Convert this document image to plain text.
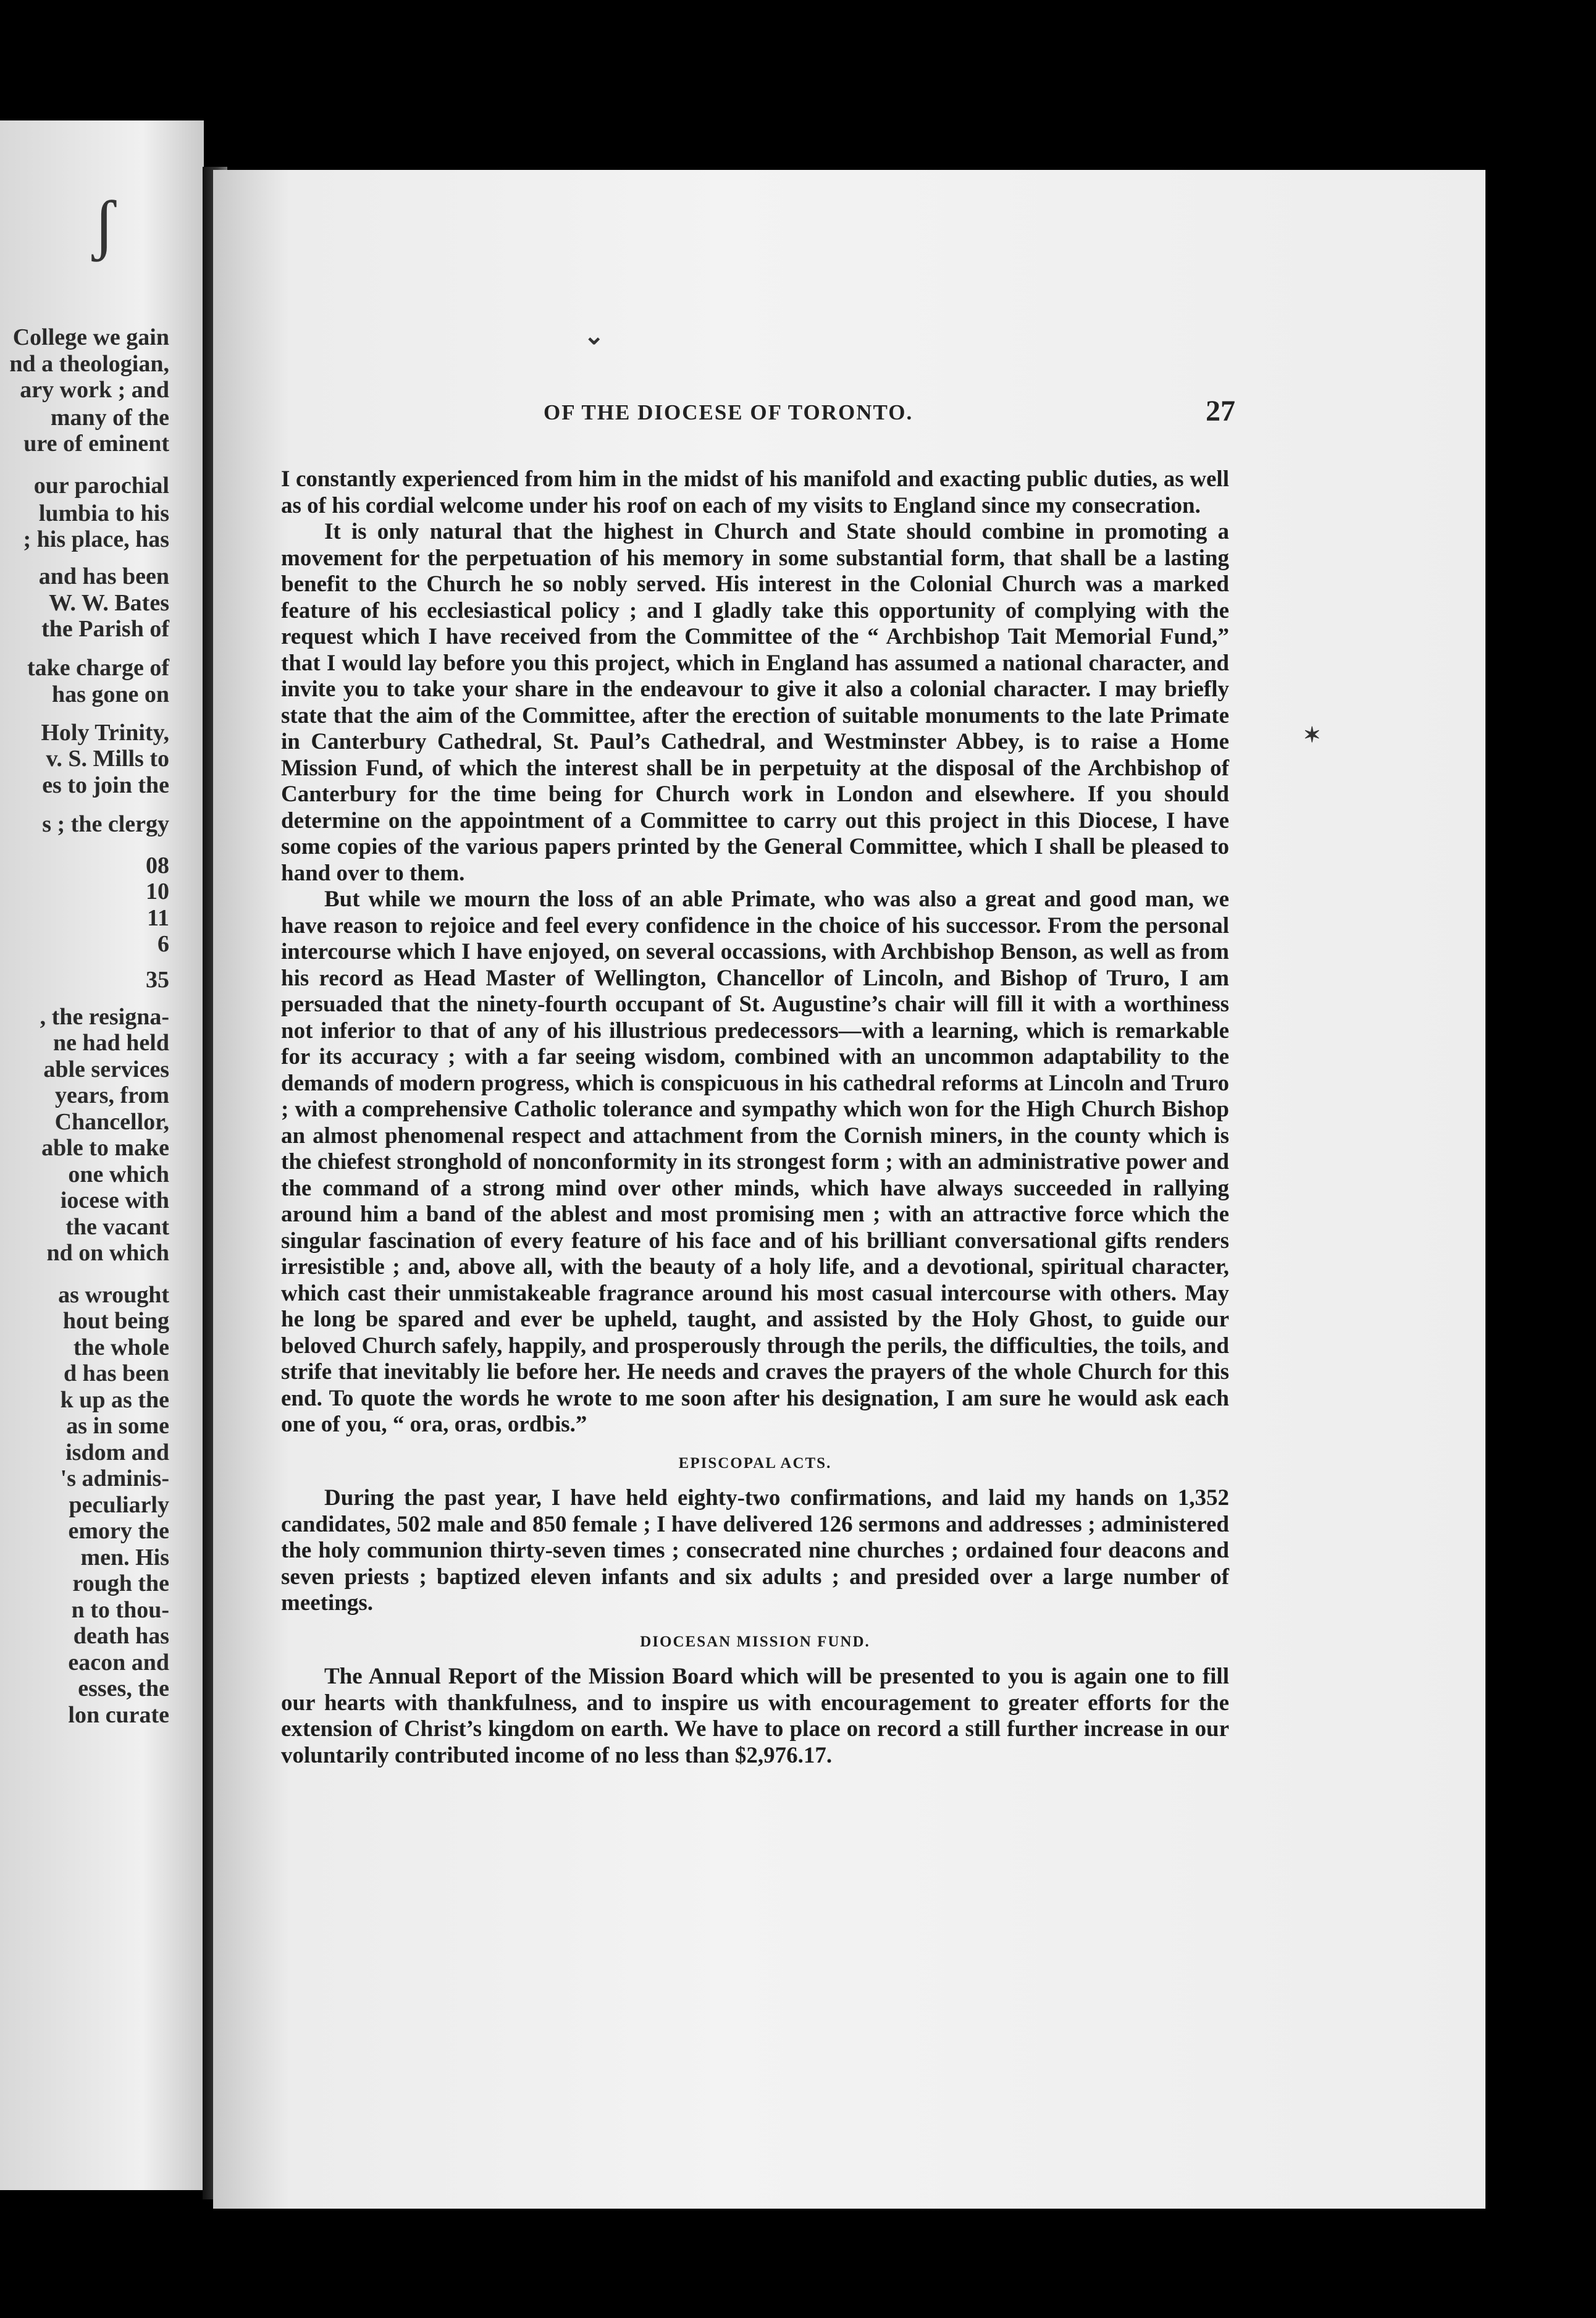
College we gain
nd a theologian,
ary work ; and
many of the
ure of eminent
our parochial
lumbia to his
; his place, has
and has been
W. W. Bates
the Parish of
take charge of
has gone on
Holy Trinity,
v. S. Mills to
es to join the
s ; the clergy
08
10
11
6
35
, the resigna-
ne had held
able services
years, from
Chancellor,
able to make
one which
iocese with
the vacant
nd on which
as wrought
hout being
the whole
d has been
k up as the
as in some
isdom and
's adminis-
peculiarly
emory the
men. His
rough the
n to thou-
death has
eacon and
esses, the
lon curate
OF THE DIOCESE OF TORONTO.	27

I constantly experienced from him in the midst of his manifold and exacting public duties, as well as of his cordial welcome under his roof on each of my visits to England since my consecration.

It is only natural that the highest in Church and State should combine in promoting a movement for the perpetuation of his memory in some substantial form, that shall be a lasting benefit to the Church he so nobly served. His interest in the Colonial Church was a marked feature of his ecclesiastical policy ; and I gladly take this opportunity of complying with the request which I have received from the Committee of the “ Archbishop Tait Memorial Fund,” that I would lay before you this project, which in England has assumed a national character, and invite you to take your share in the endeavour to give it also a colonial character. I may briefly state that the aim of the Committee, after the erection of suitable monuments to the late Primate in Canterbury Cathedral, St. Paul’s Cathedral, and Westminster Abbey, is to raise a Home Mission Fund, of which the interest shall be in perpetuity at the disposal of the Archbishop of Canterbury for the time being for Church work in London and elsewhere. If you should determine on the appointment of a Committee to carry out this project in this Diocese, I have some copies of the various papers printed by the General Committee, which I shall be pleased to hand over to them.

But while we mourn the loss of an able Primate, who was also a great and good man, we have reason to rejoice and feel every confidence in the choice of his successor. From the personal intercourse which I have enjoyed, on several occassions, with Archbishop Benson, as well as from his record as Head Master of Wellington, Chancellor of Lincoln, and Bishop of Truro, I am persuaded that the ninety-fourth occupant of St. Augustine’s chair will fill it with a worthiness not inferior to that of any of his illustrious predecessors—with a learning, which is remarkable for its accuracy ; with a far seeing wisdom, combined with an uncommon adaptability to the demands of modern progress, which is conspicuous in his cathedral reforms at Lincoln and Truro ; with a comprehensive Catholic tolerance and sympathy which won for the High Church Bishop an almost phenomenal respect and attachment from the Cornish miners, in the county which is the chiefest stronghold of nonconformity in its strongest form ; with an administrative power and the command of a strong mind over other minds, which have always succeeded in rallying around him a band of the ablest and most promising men ; with an attractive force which the singular fascination of every feature of his face and of his brilliant conversational gifts renders irresistible ; and, above all, with the beauty of a holy life, and a devotional, spiritual character, which cast their unmistakeable fragrance around his most casual intercourse with others. May he long be spared and ever be upheld, taught, and assisted by the Holy Ghost, to guide our beloved Church safely, happily, and prosperously through the perils, the difficulties, the toils, and strife that inevitably lie before her. He needs and craves the prayers of the whole Church for this end. To quote the words he wrote to me soon after his designation, I am sure he would ask each one of you, “ ora, oras, ordbis.”

EPISCOPAL ACTS.

During the past year, I have held eighty-two confirmations, and laid my hands on 1,352 candidates, 502 male and 850 female ; I have delivered 126 sermons and addresses ; administered the holy communion thirty-seven times ; consecrated nine churches ; ordained four deacons and seven priests ; baptized eleven infants and six adults ; and presided over a large number of meetings.

DIOCESAN MISSION FUND.

The Annual Report of the Mission Board which will be presented to you is again one to fill our hearts with thankfulness, and to inspire us with encouragement to greater efforts for the extension of Christ’s kingdom on earth. We have to place on record a still further increase in our voluntarily contributed income of no less than $2,976.17.

⌄
✶
ʃ
